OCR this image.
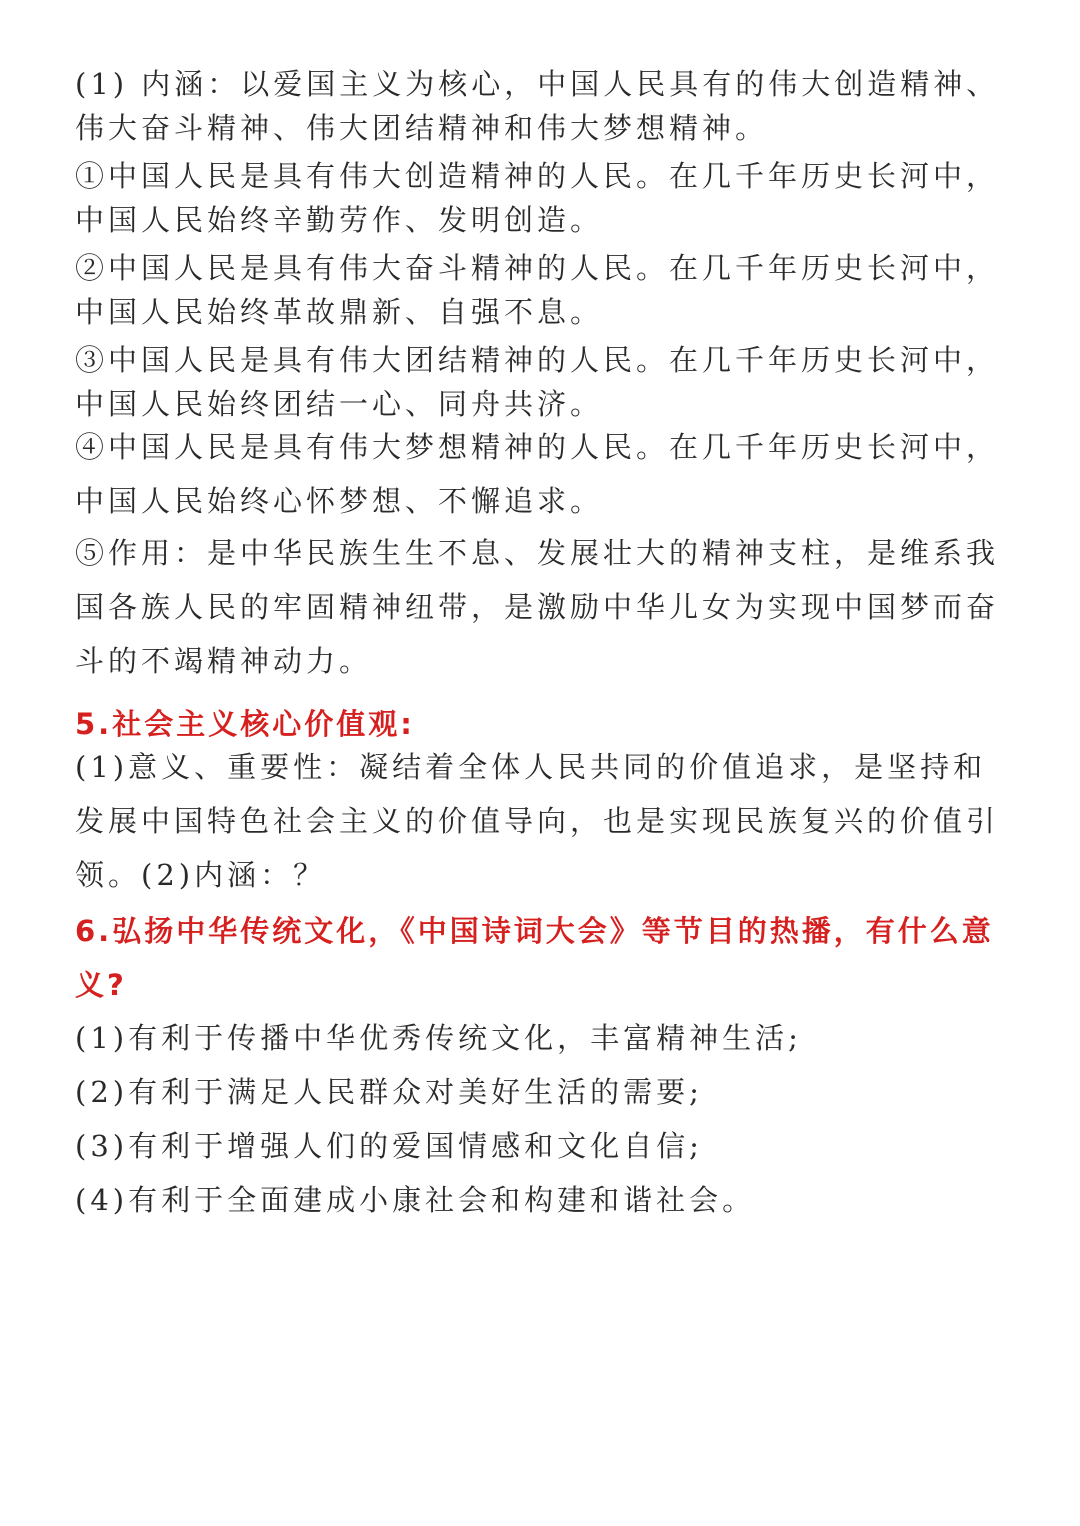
(1) 内涵：以爱国主义为核心，中国人民具有的伟大创造精神、伟大奋斗精神、伟大团结精神和伟大梦想精神。

①中国人民是具有伟大创造精神的人民。在几千年历史长河中，中国人民始终辛勤劳作、发明创造。

②中国人民是具有伟大奋斗精神的人民。在几千年历史长河中，中国人民始终革故鼎新、自强不息。

③中国人民是具有伟大团结精神的人民。在几千年历史长河中，中国人民始终团结一心、同舟共济。

④中国人民是具有伟大梦想精神的人民。在几千年历史长河中，中国人民始终心怀梦想、不懈追求。

⑤作用：是中华民族生生不息、发展壮大的精神支柱，是维系我国各族人民的牢固精神纽带，是激励中华儿女为实现中国梦而奋斗的不竭精神动力。

5.社会主义核心价值观:

(1)意义、重要性：凝结着全体人民共同的价值追求，是坚持和发展中国特色社会主义的价值导向，也是实现民族复兴的价值引领。(2)内涵：？

6.弘扬中华传统文化，《中国诗词大会》等节目的热播，有什么意义?

(1)有利于传播中华优秀传统文化，丰富精神生活;

(2)有利于满足人民群众对美好生活的需要;

(3)有利于增强人们的爱国情感和文化自信;

(4)有利于全面建成小康社会和构建和谐社会。
